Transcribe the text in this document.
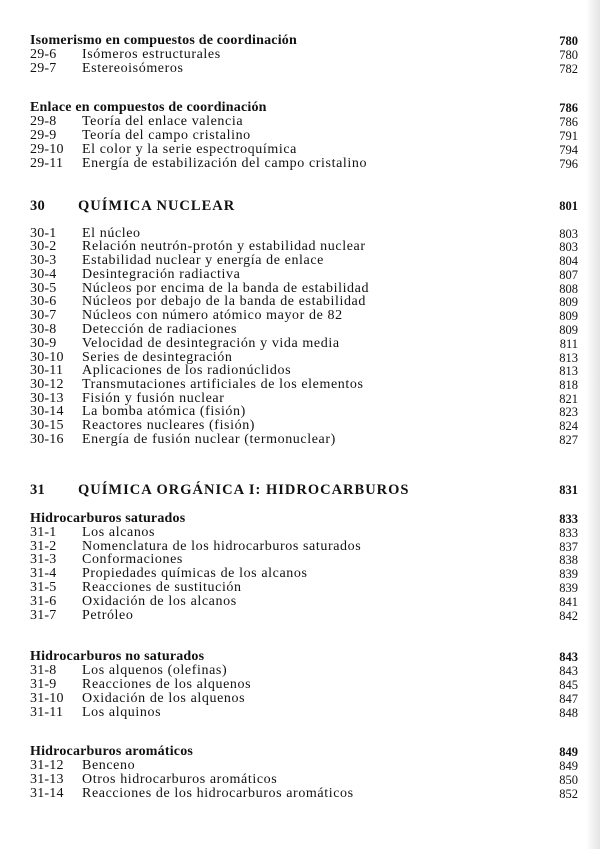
Isomerismo en compuestos de coordinación	780
29-6	Isómeros estructurales	780
29-7	Estereoisómeros	782
Enlace en compuestos de coordinación	786
29-8	Teoría del enlace valencia	786
29-9	Teoría del campo cristalino	791
29-10	El color y la serie espectroquímica	794
29-11	Energía de estabilización del campo cristalino	796
30	QUÍMICA NUCLEAR	801
30-1	El núcleo	803
30-2	Relación neutrón-protón y estabilidad nuclear	803
30-3	Estabilidad nuclear y energía de enlace	804
30-4	Desintegración radiactiva	807
30-5	Núcleos por encima de la banda de estabilidad	808
30-6	Núcleos por debajo de la banda de estabilidad	809
30-7	Núcleos con número atómico mayor de 82	809
30-8	Detección de radiaciones	809
30-9	Velocidad de desintegración y vida media	811
30-10	Series de desintegración	813
30-11	Aplicaciones de los radionúclidos	813
30-12	Transmutaciones artificiales de los elementos	818
30-13	Fisión y fusión nuclear	821
30-14	La bomba atómica (fisión)	823
30-15	Reactores nucleares (fisión)	824
30-16	Energía de fusión nuclear (termonuclear)	827
31	QUÍMICA ORGÁNICA I: HIDROCARBUROS	831
Hidrocarburos saturados	833
31-1	Los alcanos	833
31-2	Nomenclatura de los hidrocarburos saturados	837
31-3	Conformaciones	838
31-4	Propiedades químicas de los alcanos	839
31-5	Reacciones de sustitución	839
31-6	Oxidación de los alcanos	841
31-7	Petróleo	842
Hidrocarburos no saturados	843
31-8	Los alquenos (olefinas)	843
31-9	Reacciones de los alquenos	845
31-10	Oxidación de los alquenos	847
31-11	Los alquinos	848
Hidrocarburos aromáticos	849
31-12	Benceno	849
31-13	Otros hidrocarburos aromáticos	850
31-14	Reacciones de los hidrocarburos aromáticos	852
